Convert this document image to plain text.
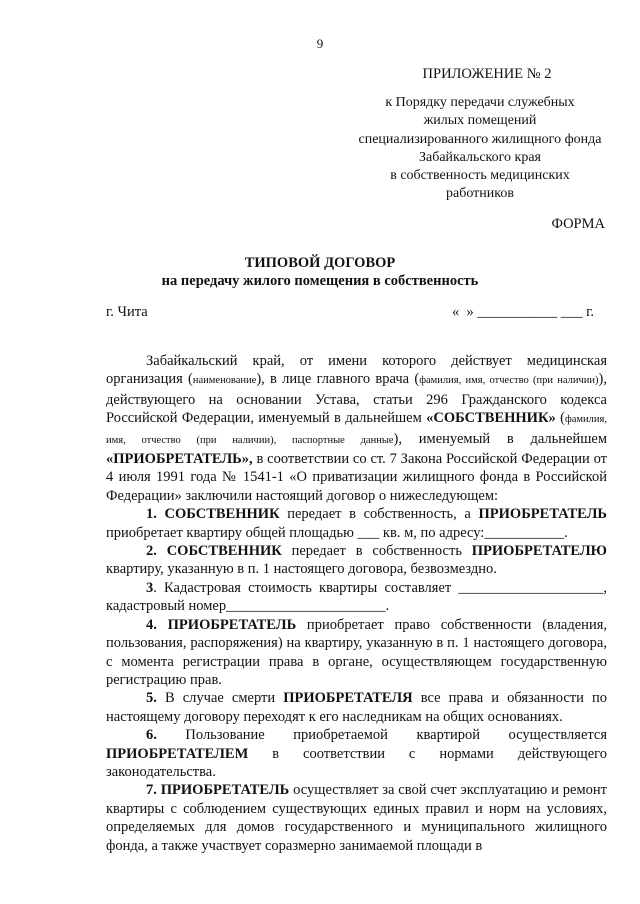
9
ПРИЛОЖЕНИЕ № 2
к Порядку передачи служебных
жилых помещений
специализированного жилищного фонда
Забайкальского края
в собственность медицинских
работников
ФОРМА
ТИПОВОЙ ДОГОВОР
на передачу жилого помещения в собственность
г. Чита	«  » ___________ ___ г.

Забайкальский край, от имени которого действует медицинская организация (наименование), в лице главного врача (фамилия, имя, отчество (при наличии)), действующего на основании Устава, статьи 296 Гражданского кодекса Российской Федерации, именуемый в дальнейшем «СОБСТВЕННИК» (фамилия, имя, отчество (при наличии), паспортные данные), именуемый в дальнейшем «ПРИОБРЕТАТЕЛЬ», в соответствии со ст. 7 Закона Российской Федерации от 4 июля 1991 года № 1541-1 «О приватизации жилищного фонда в Российской Федерации» заключили настоящий договор о нижеследующем:

1. СОБСТВЕННИК передает в собственность, а ПРИОБРЕТАТЕЛЬ приобретает квартиру общей площадью ___ кв. м, по адресу:___________.

2. СОБСТВЕННИК передает в собственность ПРИОБРЕТАТЕЛЮ квартиру, указанную в п. 1 настоящего договора, безвозмездно.

3. Кадастровая стоимость квартиры составляет ____________________, кадастровый номер______________________.

4. ПРИОБРЕТАТЕЛЬ приобретает право собственности (владения, пользования, распоряжения) на квартиру, указанную в п. 1 настоящего договора, с момента регистрации права в органе, осуществляющем государственную регистрацию прав.

5. В случае смерти ПРИОБРЕТАТЕЛЯ все права и обязанности по настоящему договору переходят к его наследникам на общих основаниях.

6. Пользование приобретаемой квартирой осуществляется ПРИОБРЕТАТЕЛЕМ в соответствии с нормами действующего законодательства.

7. ПРИОБРЕТАТЕЛЬ осуществляет за свой счет эксплуатацию и ремонт квартиры с соблюдением существующих единых правил и норм на условиях, определяемых для домов государственного и муниципального жилищного фонда, а также участвует соразмерно занимаемой площади в
